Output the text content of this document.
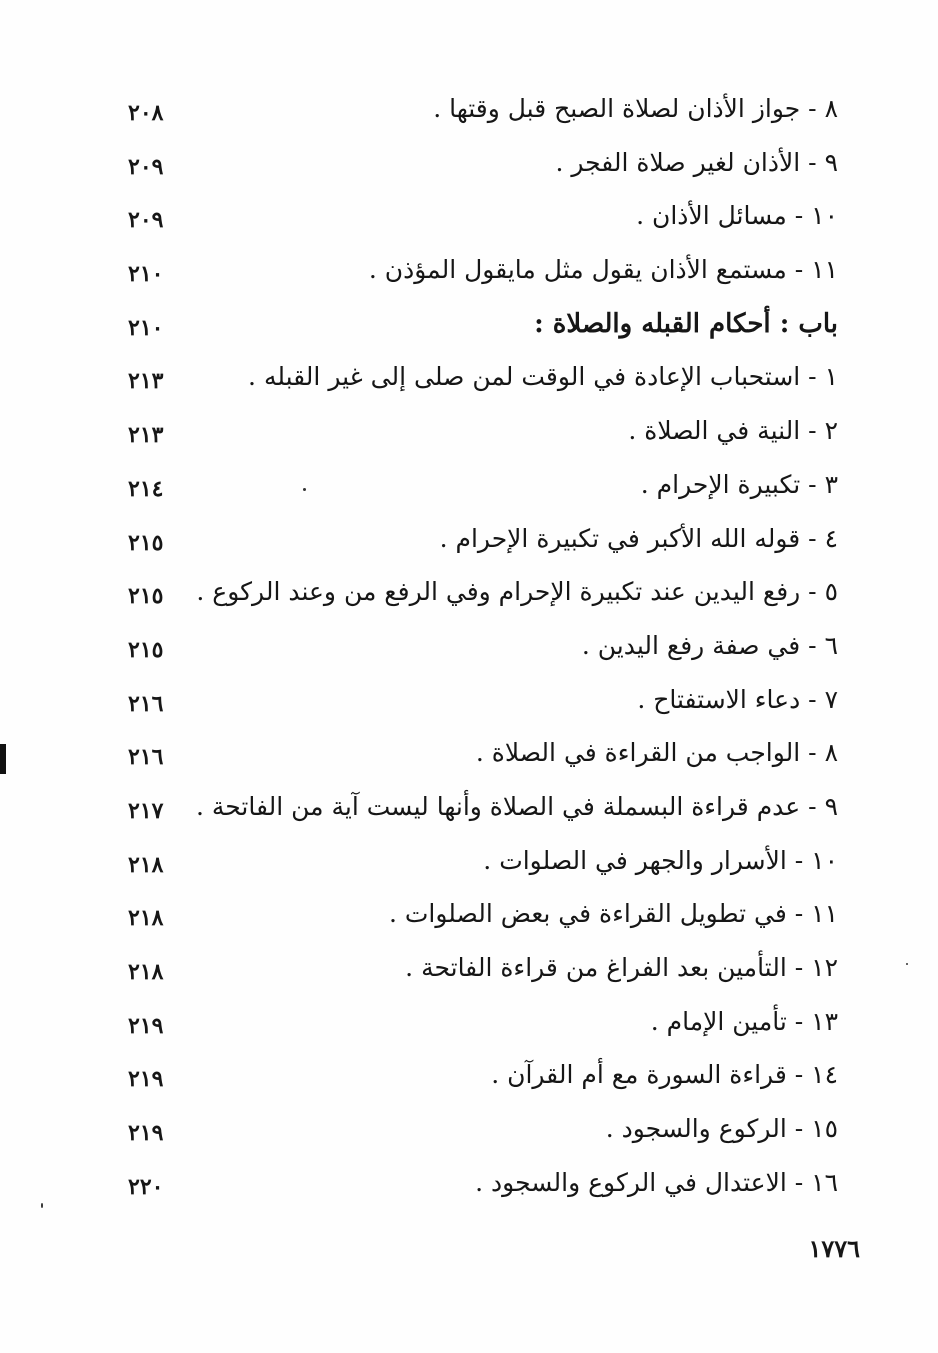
٨ - جواز الأذان لصلاة الصبح قبل وقتها .
٢٠٨
٩ - الأذان لغير صلاة الفجر .
٢٠٩
١٠ - مسائل الأذان .
٢٠٩
١١ - مستمع الأذان يقول مثل مايقول المؤذن .
٢١٠
باب : أحكام القبله والصلاة :
٢١٠
١ - استحباب الإعادة في الوقت لمن صلى إلى غير القبله .
٢١٣
٢ - النية في الصلاة .
٢١٣
٣ - تكبيرة الإحرام .
٢١٤
٤ - قوله الله الأكبر في تكبيرة الإحرام .
٢١٥
٥ - رفع اليدين عند تكبيرة الإحرام وفي الرفع من وعند الركوع .
٢١٥
٦ - في صفة رفع اليدين .
٢١٥
٧ - دعاء الاستفتاح .
٢١٦
٨ - الواجب من القراءة في الصلاة .
٢١٦
٩ - عدم قراءة البسملة في الصلاة وأنها ليست آية من الفاتحة .
٢١٧
١٠ - الأسرار والجهر في الصلوات .
٢١٨
١١ - في تطويل القراءة في بعض الصلوات .
٢١٨
١٢ - التأمين بعد الفراغ من قراءة الفاتحة .
٢١٨
١٣ - تأمين الإمام .
٢١٩
١٤ - قراءة السورة مع أم القرآن .
٢١٩
١٥ - الركوع والسجود .
٢١٩
١٦ - الاعتدال في الركوع والسجود .
٢٢٠
١٧٧٦
